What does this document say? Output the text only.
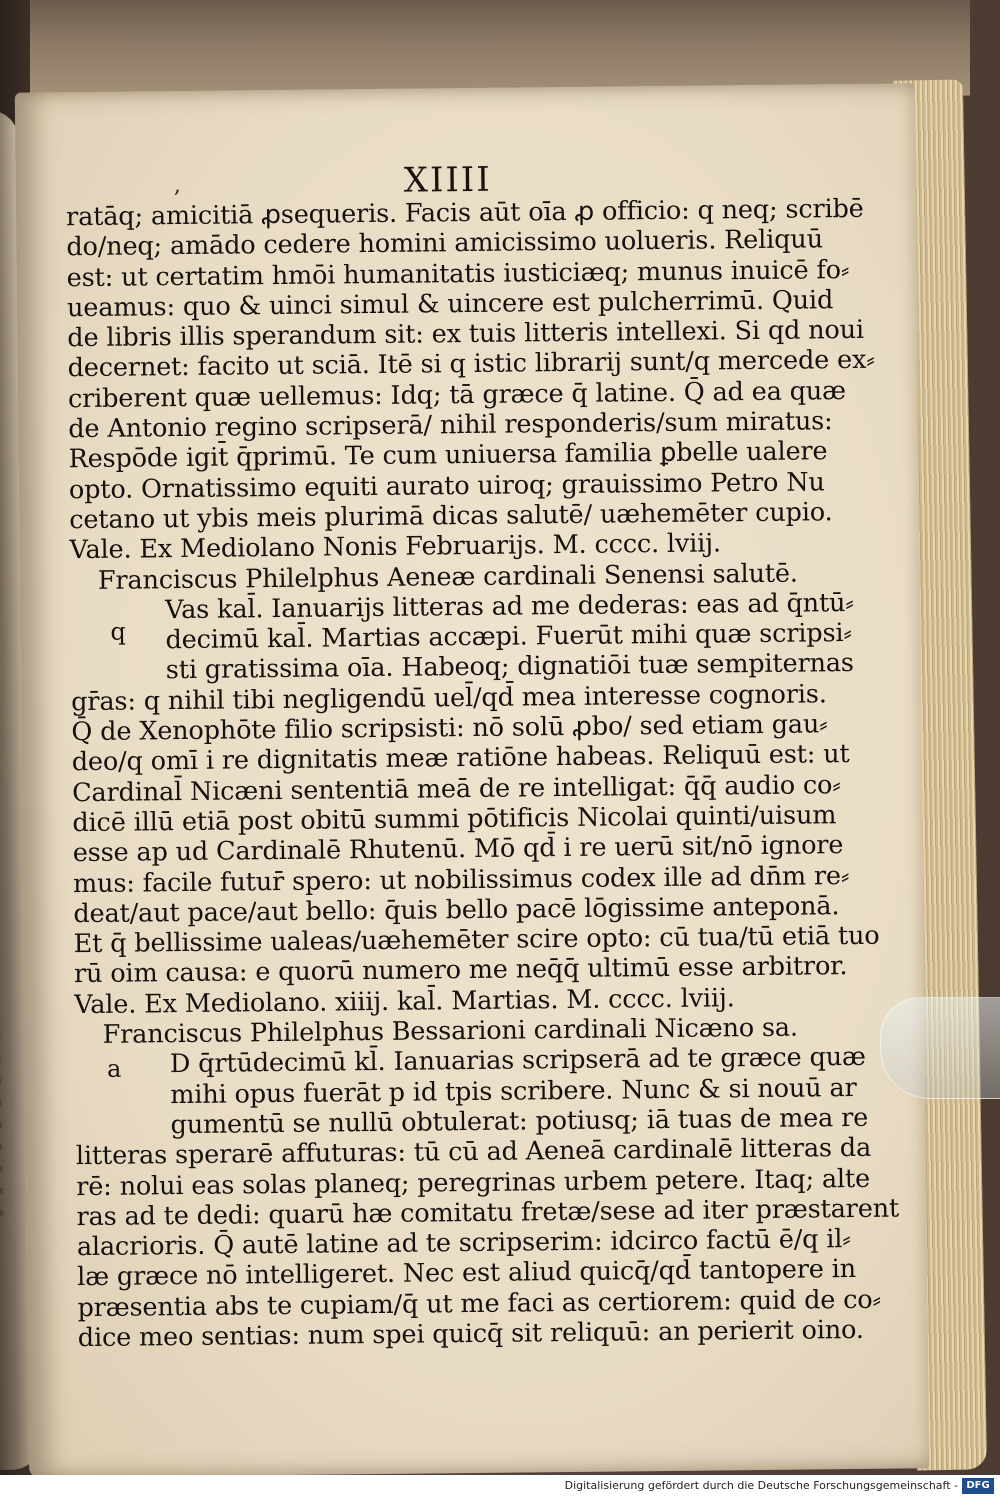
,	XIIII
ratāq; amicitiā ꝓsequeris. Facis aūt oīa ꝓ officio: q neq; scribē
do/neq; amādo cedere homini amicissimo uolueris. Reliquū
est: ut certatim hmōi humanitatis iusticiæq; munus inuicē fo⸗
ueamus: quo & uinci simul & uincere est pulcherrimū. Quid
de libris illis sperandum sit: ex tuis litteris intellexi. Si qd noui
decernet: facito ut sciā. Itē si q istic librarij sunt/q mercede ex⸗
criberent quæ uellemus: Idq; tā græce q̄ latine. Q̄ ad ea quæ
de Antonio regino scripserā/ nihil responderis/sum miratus:
Respōde igit̄ q̄primū. Te cum uniuersa familia ꝑbelle ualere
opto. Ornatissimo equiti aurato uiroq; grauissimo Petro Nu
cetano ut ybis meis plurimā dicas salutē/ uæhemēter cupio.
Vale. Ex Mediolano Nonis Februarijs. M. cccc. lviij.
Franciscus Philelphus Aeneæ cardinali Senensi salutē.
Vas kal̄. Ianuarijs litteras ad me dederas: eas ad q̄ntū⸗
decimū kal̄. Martias accæpi. Fuerūt mihi quæ scripsi⸗
sti gratissima oīa. Habeoq; dignatiōi tuæ sempiternas
gr̄as: q nihil tibi negligendū uel̄/qd̄ mea interesse cognoris.
Q̄ de Xenophōte filio scripsisti: nō solū ꝓbo/ sed etiam gau⸗
deo/q omī i re dignitatis meæ ratiōne habeas. Reliquū est: ut
Cardinal̄ Nicæni sententiā meā de re intelligat: q̄q̄ audio co⸗
dicē illū etiā post obitū summi pōtificis Nicolai quinti/uisum
esse ap ud Cardinalē Rhutenū. Mō qd̄ i re uerū sit/nō ignore
mus: facile futur̄ spero: ut nobilissimus codex ille ad dn̄m re⸗
deat/aut pace/aut bello: q̄uis bello pacē lōgissime anteponā.
Et q̄ bellissime ualeas/uæhemēter scire opto: cū tua/tū etiā tuo
rū oim causa: e quorū numero me neq̄q̄ ultimū esse arbitror.
Vale. Ex Mediolano. xiiij. kal̄. Martias. M. cccc. lviij.
Franciscus Philelphus Bessarioni cardinali Nicæno sa.
D q̄rtūdecimū kl̄. Ianuarias scripserā ad te græce quæ
mihi opus fuerāt p id tpis scribere. Nunc & si nouū ar
gumentū se nullū obtulerat: potiusq; iā tuas de mea re
litteras sperarē affuturas: tū cū ad Aeneā cardinalē litteras da
rē: nolui eas solas planeq; peregrinas urbem petere. Itaq; alte
ras ad te dedi: quarū hæ comitatu fretæ/sese ad iter præstarent
alacrioris. Q̄ autē latine ad te scripserim: idcirco factū ē/q il⸗
læ græce nō intelligeret. Nec est aliud quicq̄/qd̄ tantopere in
præsentia abs te cupiam/q̄ ut me faci as certiorem: quid de co⸗
dice meo sentias: num spei quicq̄ sit reliquū: an perierit oino.
q
a
Digitalisierung gefördert durch die Deutsche Forschungsgemeinschaft - DFG
